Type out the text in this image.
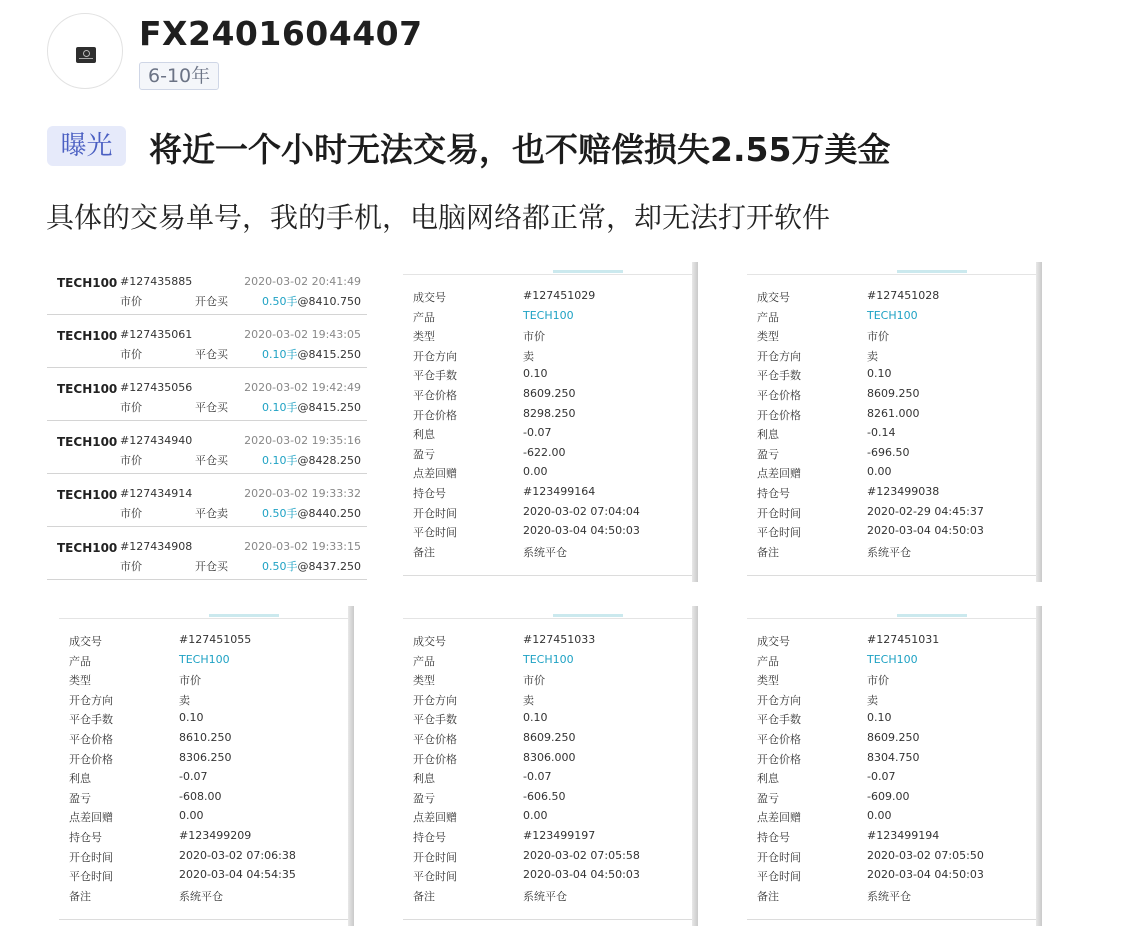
FX2401604407
6-10年
曝光	将近一个小时无法交易，也不赔偿损失2.55万美金
具体的交易单号，我的手机，电脑网络都正常，却无法打开软件
TECH100 #127435885	2020-03-02 20:41:49
市价	开仓买	0.50手@8410.750
TECH100 #127435061	2020-03-02 19:43:05
市价	平仓买	0.10手@8415.250
TECH100 #127435056	2020-03-02 19:42:49
市价	平仓买	0.10手@8415.250
TECH100 #127434940	2020-03-02 19:35:16
市价	平仓买	0.10手@8428.250
TECH100 #127434914	2020-03-02 19:33:32
市价	平仓卖	0.50手@8440.250
TECH100 #127434908	2020-03-02 19:33:15
市价	开仓买	0.50手@8437.250
成交号	#127451029
产品	TECH100
类型	市价
开仓方向	卖
平仓手数	0.10
平仓价格	8609.250
开仓价格	8298.250
利息	-0.07
盈亏	-622.00
点差回赠	0.00
持仓号	#123499164
开仓时间	2020-03-02 07:04:04
平仓时间	2020-03-04 04:50:03
备注	系统平仓
成交号	#127451028
产品	TECH100
类型	市价
开仓方向	卖
平仓手数	0.10
平仓价格	8609.250
开仓价格	8261.000
利息	-0.14
盈亏	-696.50
点差回赠	0.00
持仓号	#123499038
开仓时间	2020-02-29 04:45:37
平仓时间	2020-03-04 04:50:03
备注	系统平仓
成交号	#127451055
产品	TECH100
类型	市价
开仓方向	卖
平仓手数	0.10
平仓价格	8610.250
开仓价格	8306.250
利息	-0.07
盈亏	-608.00
点差回赠	0.00
持仓号	#123499209
开仓时间	2020-03-02 07:06:38
平仓时间	2020-03-04 04:54:35
备注	系统平仓
成交号	#127451033
产品	TECH100
类型	市价
开仓方向	卖
平仓手数	0.10
平仓价格	8609.250
开仓价格	8306.000
利息	-0.07
盈亏	-606.50
点差回赠	0.00
持仓号	#123499197
开仓时间	2020-03-02 07:05:58
平仓时间	2020-03-04 04:50:03
备注	系统平仓
成交号	#127451031
产品	TECH100
类型	市价
开仓方向	卖
平仓手数	0.10
平仓价格	8609.250
开仓价格	8304.750
利息	-0.07
盈亏	-609.00
点差回赠	0.00
持仓号	#123499194
开仓时间	2020-03-02 07:05:50
平仓时间	2020-03-04 04:50:03
备注	系统平仓
